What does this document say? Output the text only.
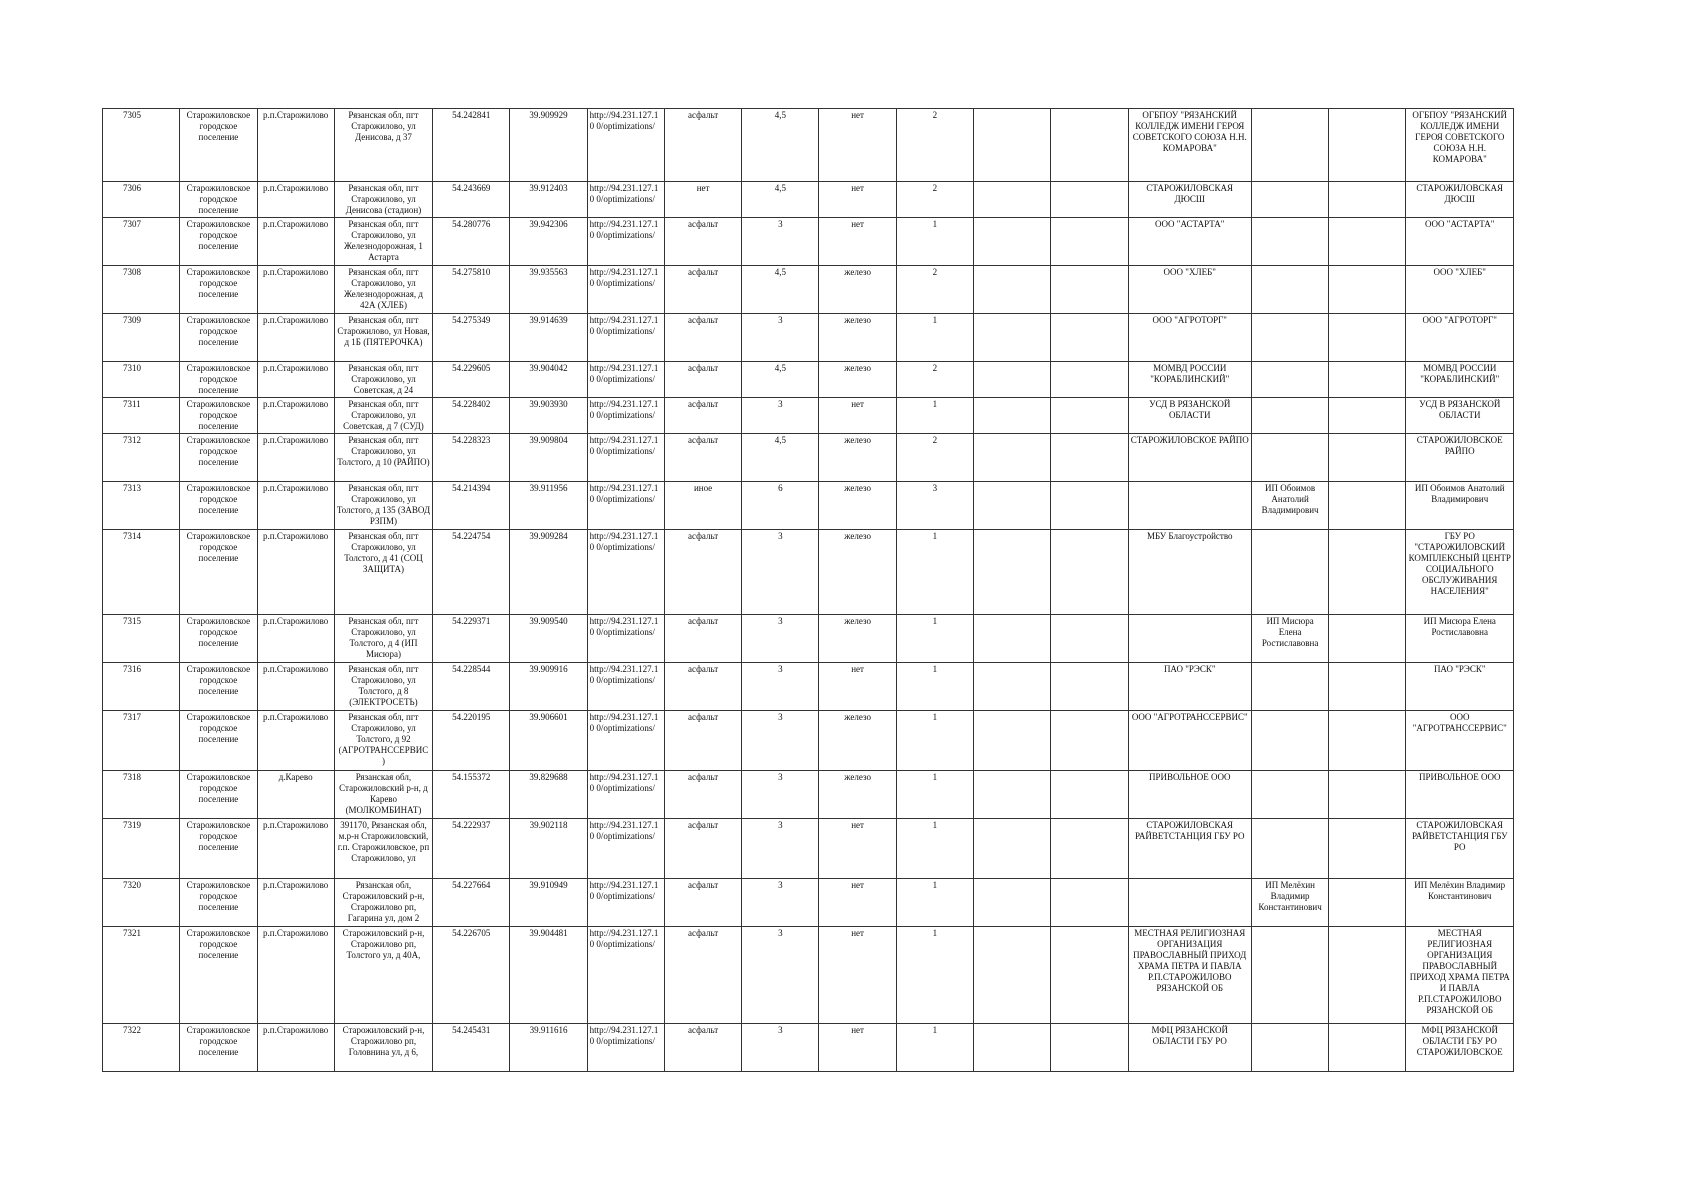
7305	Старожиловское городское поселение	р.п.Старожилово	Рязанская обл, пгт Старожилово, ул Денисова, д 37	54.242841	39.909929	http://94.231.127.10 0/optimizations/	асфальт	4,5	нет	2			ОГБПОУ "РЯЗАНСКИЙ КОЛЛЕДЖ ИМЕНИ ГЕРОЯ СОВЕТСКОГО СОЮЗА Н.Н. КОМАРОВА"			ОГБПОУ "РЯЗАНСКИЙ КОЛЛЕДЖ ИМЕНИ ГЕРОЯ СОВЕТСКОГО СОЮЗА Н.Н. КОМАРОВА"
7306	Старожиловское городское поселение	р.п.Старожилово	Рязанская обл, пгт Старожилово, ул Денисова (стадион)	54.243669	39.912403	http://94.231.127.10 0/optimizations/	нет	4,5	нет	2			СТАРОЖИЛОВСКАЯ ДЮСШ			СТАРОЖИЛОВСКАЯ ДЮСШ
7307	Старожиловское городское поселение	р.п.Старожилово	Рязанская обл, пгт Старожилово, ул Железнодорожная, 1 Астарта	54.280776	39.942306	http://94.231.127.10 0/optimizations/	асфальт	3	нет	1			ООО "АСТАРТА"			ООО "АСТАРТА"
7308	Старожиловское городское поселение	р.п.Старожилово	Рязанская обл, пгт Старожилово, ул Железнодорожная, д 42А (ХЛЕБ)	54.275810	39.935563	http://94.231.127.10 0/optimizations/	асфальт	4,5	железо	2			ООО "ХЛЕБ"			ООО "ХЛЕБ"
7309	Старожиловское городское поселение	р.п.Старожилово	Рязанская обл, пгт Старожилово, ул Новая, д 1Б (ПЯТЕРОЧКА)	54.275349	39.914639	http://94.231.127.10 0/optimizations/	асфальт	3	железо	1			ООО "АГРОТОРГ"			ООО "АГРОТОРГ"
7310	Старожиловское городское поселение	р.п.Старожилово	Рязанская обл, пгт Старожилово, ул Советская, д 24	54.229605	39.904042	http://94.231.127.10 0/optimizations/	асфальт	4,5	железо	2			МОМВД РОССИИ "КОРАБЛИНСКИЙ"			МОМВД РОССИИ "КОРАБЛИНСКИЙ"
7311	Старожиловское городское поселение	р.п.Старожилово	Рязанская обл, пгт Старожилово, ул Советская, д 7 (СУД)	54.228402	39.903930	http://94.231.127.10 0/optimizations/	асфальт	3	нет	1			УСД В РЯЗАНСКОЙ ОБЛАСТИ			УСД В РЯЗАНСКОЙ ОБЛАСТИ
7312	Старожиловское городское поселение	р.п.Старожилово	Рязанская обл, пгт Старожилово, ул Толстого, д 10 (РАЙПО)	54.228323	39.909804	http://94.231.127.10 0/optimizations/	асфальт	4,5	железо	2			СТАРОЖИЛОВСКОЕ РАЙПО			СТАРОЖИЛОВСКОЕ РАЙПО
7313	Старожиловское городское поселение	р.п.Старожилово	Рязанская обл, пгт Старожилово, ул Толстого, д 135 (ЗАВОД РЗПМ)	54.214394	39.911956	http://94.231.127.10 0/optimizations/	иное	6	железо	3				ИП Обоимов Анатолий Владимирович		ИП Обоимов Анатолий Владимирович
7314	Старожиловское городское поселение	р.п.Старожилово	Рязанская обл, пгт Старожилово, ул Толстого, д 41 (СОЦ ЗАЩИТА)	54.224754	39.909284	http://94.231.127.10 0/optimizations/	асфальт	3	железо	1			МБУ Благоустройство			ГБУ РО "СТАРОЖИЛОВСКИЙ КОМПЛЕКСНЫЙ ЦЕНТР СОЦИАЛЬНОГО ОБСЛУЖИВАНИЯ НАСЕЛЕНИЯ"
7315	Старожиловское городское поселение	р.п.Старожилово	Рязанская обл, пгт Старожилово, ул Толстого, д 4 (ИП Мисюра)	54.229371	39.909540	http://94.231.127.10 0/optimizations/	асфальт	3	железо	1				ИП Мисюра Елена Ростиславовна		ИП Мисюра Елена Ростиславовна
7316	Старожиловское городское поселение	р.п.Старожилово	Рязанская обл, пгт Старожилово, ул Толстого, д 8 (ЭЛЕКТРОСЕТЬ)	54.228544	39.909916	http://94.231.127.10 0/optimizations/	асфальт	3	нет	1			ПАО "РЭСК"			ПАО "РЭСК"
7317	Старожиловское городское поселение	р.п.Старожилово	Рязанская обл, пгт Старожилово, ул Толстого, д 92 (АГРОТРАНССЕРВИС )	54.220195	39.906601	http://94.231.127.10 0/optimizations/	асфальт	3	железо	1			ООО "АГРОТРАНССЕРВИС"			ООО "АГРОТРАНССЕРВИС"
7318	Старожиловское городское поселение	д.Карево	Рязанская обл, Старожиловский р-н, д Карево (МОЛКОМБИНАТ)	54.155372	39.829688	http://94.231.127.10 0/optimizations/	асфальт	3	железо	1			ПРИВОЛЬНОЕ ООО			ПРИВОЛЬНОЕ ООО
7319	Старожиловское городское поселение	р.п.Старожилово	391170, Рязанская обл, м.р-н Старожиловский, г.п. Старожиловское, рп Старожилово, ул	54.222937	39.902118	http://94.231.127.10 0/optimizations/	асфальт	3	нет	1			СТАРОЖИЛОВСКАЯ РАЙВЕТСТАНЦИЯ ГБУ РО			СТАРОЖИЛОВСКАЯ РАЙВЕТСТАНЦИЯ ГБУ РО
7320	Старожиловское городское поселение	р.п.Старожилово	Рязанская обл, Старожиловский р-н, Старожилово рп, Гагарина ул, дом 2	54.227664	39.910949	http://94.231.127.10 0/optimizations/	асфальт	3	нет	1				ИП Мелёхин Владимир Константинович		ИП Мелёхин Владимир Константинович
7321	Старожиловское городское поселение	р.п.Старожилово	Старожиловский р-н, Старожилово рп, Толстого ул, д 40А,	54.226705	39.904481	http://94.231.127.10 0/optimizations/	асфальт	3	нет	1			МЕСТНАЯ РЕЛИГИОЗНАЯ ОРГАНИЗАЦИЯ ПРАВОСЛАВНЫЙ ПРИХОД ХРАМА ПЕТРА И ПАВЛА Р.П.СТАРОЖИЛОВО РЯЗАНСКОЙ ОБ			МЕСТНАЯ РЕЛИГИОЗНАЯ ОРГАНИЗАЦИЯ ПРАВОСЛАВНЫЙ ПРИХОД ХРАМА ПЕТРА И ПАВЛА Р.П.СТАРОЖИЛОВО РЯЗАНСКОЙ ОБ
7322	Старожиловское городское поселение	р.п.Старожилово	Старожиловский р-н, Старожилово рп, Головнина ул, д 6,	54.245431	39.911616	http://94.231.127.10 0/optimizations/	асфальт	3	нет	1			МФЦ РЯЗАНСКОЙ ОБЛАСТИ ГБУ РО			МФЦ РЯЗАНСКОЙ ОБЛАСТИ ГБУ РО СТАРОЖИЛОВСКОЕ
